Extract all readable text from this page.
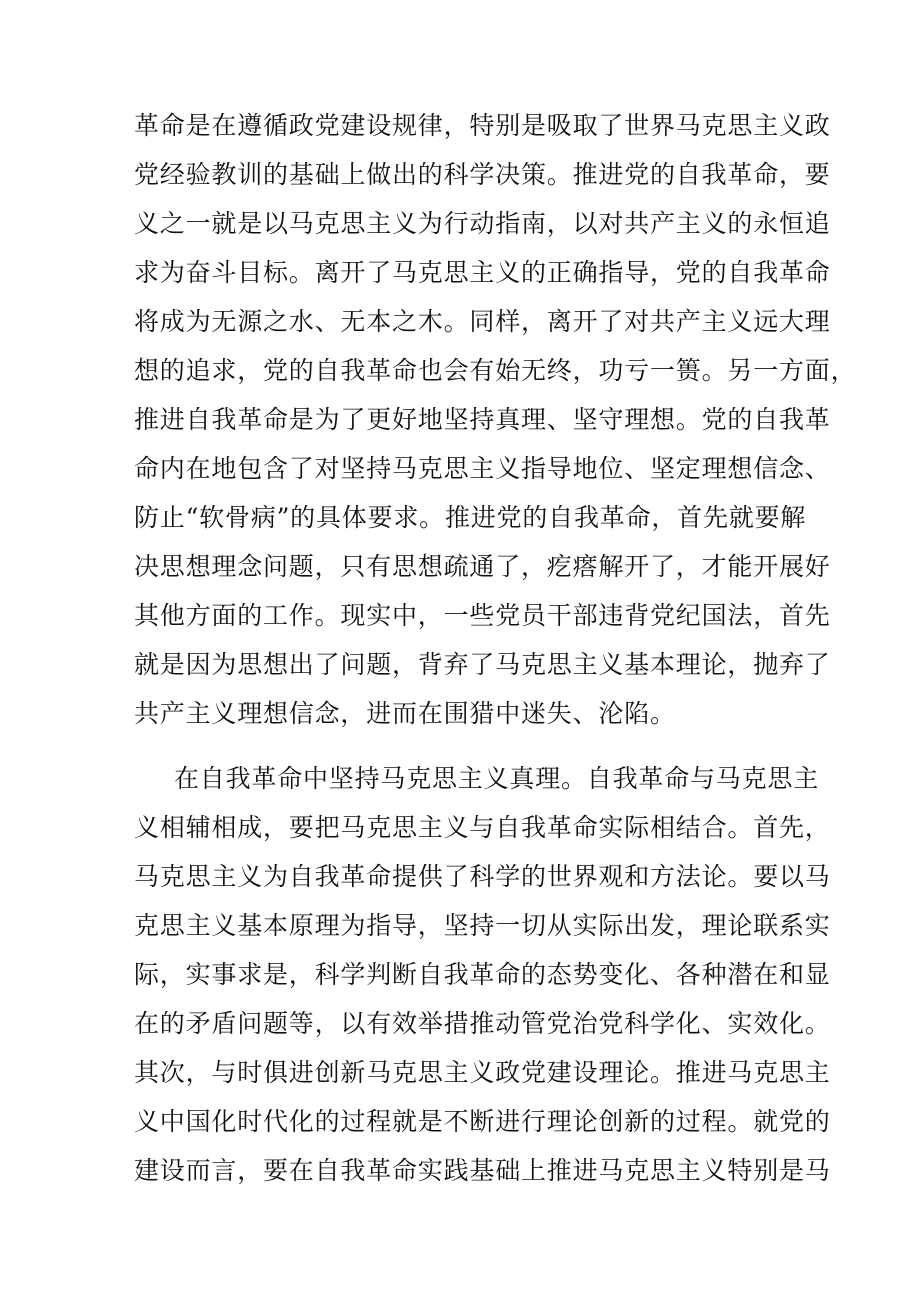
革命是在遵循政党建设规律，特别是吸取了世界马克思主义政
党经验教训的基础上做出的科学决策。推进党的自我革命，要
义之一就是以马克思主义为行动指南，以对共产主义的永恒追
求为奋斗目标。离开了马克思主义的正确指导，党的自我革命
将成为无源之水、无本之木。同样，离开了对共产主义远大理
想的追求，党的自我革命也会有始无终，功亏一篑。另一方面，
推进自我革命是为了更好地坚持真理、坚守理想。党的自我革
命内在地包含了对坚持马克思主义指导地位、坚定理想信念、
防止“软骨病”的具体要求。推进党的自我革命，首先就要解
决思想理念问题，只有思想疏通了，疙瘩解开了，才能开展好
其他方面的工作。现实中，一些党员干部违背党纪国法，首先
就是因为思想出了问题，背弃了马克思主义基本理论，抛弃了
共产主义理想信念，进而在围猎中迷失、沦陷。
在自我革命中坚持马克思主义真理。自我革命与马克思主
义相辅相成，要把马克思主义与自我革命实际相结合。首先，
马克思主义为自我革命提供了科学的世界观和方法论。要以马
克思主义基本原理为指导，坚持一切从实际出发，理论联系实
际，实事求是，科学判断自我革命的态势变化、各种潜在和显
在的矛盾问题等，以有效举措推动管党治党科学化、实效化。
其次，与时俱进创新马克思主义政党建设理论。推进马克思主
义中国化时代化的过程就是不断进行理论创新的过程。就党的
建设而言，要在自我革命实践基础上推进马克思主义特别是马
